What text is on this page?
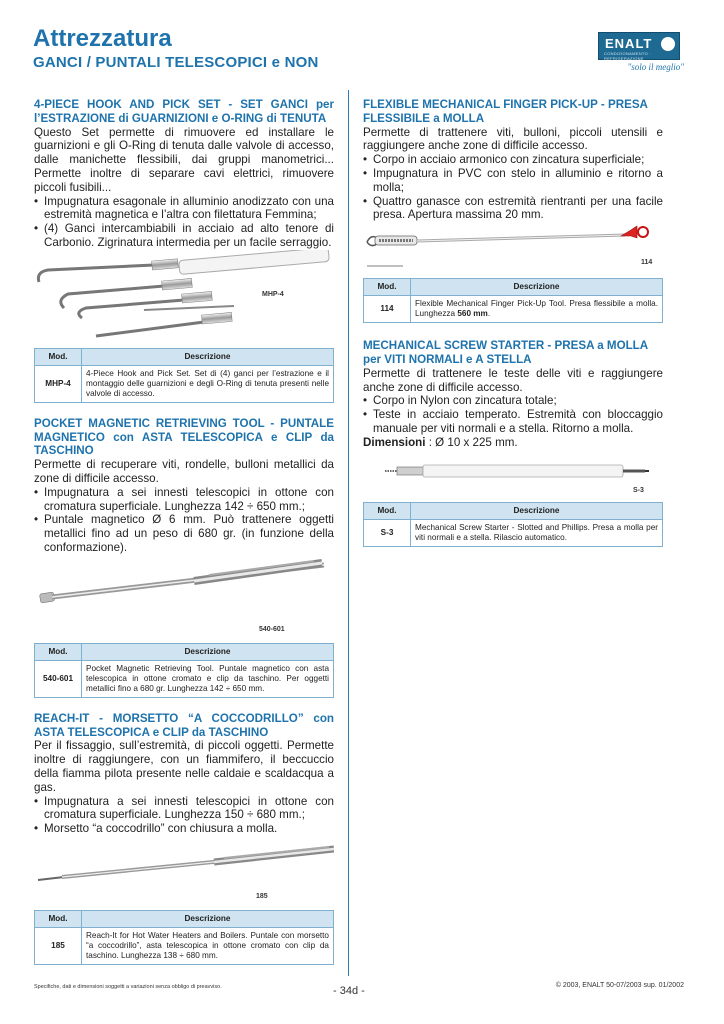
Attrezzatura
GANCI / PUNTALI TELESCOPICI e NON
ENALT
CONDIZIONAMENTO · REFRIGERAZIONE
"solo il meglio"

4-PIECE HOOK AND PICK SET - SET GANCI per l’ESTRAZIONE di GUARNIZIONI e O-RING di TENUTA

Questo Set permette di rimuovere ed installare le guarnizioni e gli O-Ring di tenuta dalle valvole di accesso, dalle manichette flessibili, dai gruppi manometrici... Permette inoltre di separare cavi elettrici, rimuovere piccoli fusibili...

• Impugnatura esagonale in alluminio anodizzato con una estremità magnetica e l’altra con filettatura Femmina;
• (4) Ganci intercambiabili in acciaio ad alto tenore di Carbonio. Zigrinatura intermedia per un facile serraggio.
MHP-4
Mod.	Descrizione
MHP-4	4-Piece Hook and Pick Set. Set di (4) ganci per l’estrazione e il montaggio delle guarnizioni e degli O-Ring di tenuta presenti nelle valvole di accesso.

POCKET MAGNETIC RETRIEVING TOOL - PUNTALE MAGNETICO con ASTA TELESCOPICA e CLIP da TASCHINO

Permette di recuperare viti, rondelle, bulloni metallici da zone di difficile accesso.

• Impugnatura a sei innesti telescopici in ottone con cromatura superficiale. Lunghezza 142 ÷ 650 mm.;
• Puntale magnetico Ø 6 mm. Può trattenere oggetti metallici fino ad un peso di 680 gr. (in funzione della conformazione).
540-601
Mod.	Descrizione
540-601	Pocket Magnetic Retrieving Tool. Puntale magnetico con asta telescopica in ottone cromato e clip da taschino. Per oggetti metallici fino a 680 gr. Lunghezza 142 ÷ 650 mm.

REACH-IT - MORSETTO “A COCCODRILLO” con ASTA TELESCOPICA e CLIP da TASCHINO

Per il fissaggio, sull’estremità, di piccoli oggetti. Permette inoltre di raggiungere, con un fiammifero, il beccuccio della fiamma pilota presente nelle caldaie e scaldacqua a gas.

• Impugnatura a sei innesti telescopici in ottone con cromatura superficiale. Lunghezza 150 ÷ 680 mm.;
• Morsetto “a coccodrillo” con chiusura a molla.
185
Mod.	Descrizione
185	Reach-It for Hot Water Heaters and Boilers. Puntale con morsetto “a coccodrillo”, asta telescopica in ottone cromato con clip da taschino. Lunghezza 138 ÷ 680 mm.

FLEXIBLE MECHANICAL FINGER PICK-UP - PRESA FLESSIBILE a MOLLA

Permette di trattenere viti, bulloni, piccoli utensili e raggiungere anche zone di difficile accesso.

• Corpo in acciaio armonico con zincatura superficiale;
• Impugnatura in PVC con stelo in alluminio e ritorno a molla;
• Quattro ganasce con estremità rientranti per una facile presa. Apertura massima 20 mm.
114
Mod.	Descrizione
114	Flexible Mechanical Finger Pick-Up Tool. Presa flessibile a molla. Lunghezza 560 mm.

MECHANICAL SCREW STARTER - PRESA a MOLLA per VITI NORMALI e A STELLA

Permette di trattenere le teste delle viti e raggiungere anche zone di difficile accesso.

• Corpo in Nylon con zincatura totale;
• Teste in acciaio temperato. Estremità con bloccaggio manuale per viti normali e a stella. Ritorno a molla.

Dimensioni : Ø 10 x 225 mm.

S-3
Mod.	Descrizione
S-3	Mechanical Screw Starter - Slotted and Phillips. Presa a molla per viti normali e a stella. Rilascio automatico.
Specifiche, dati e dimensioni soggetti a variazioni senza obbligo di preavviso.	- 34d -	© 2003, ENALT 50-07/2003 sup. 01/2002
